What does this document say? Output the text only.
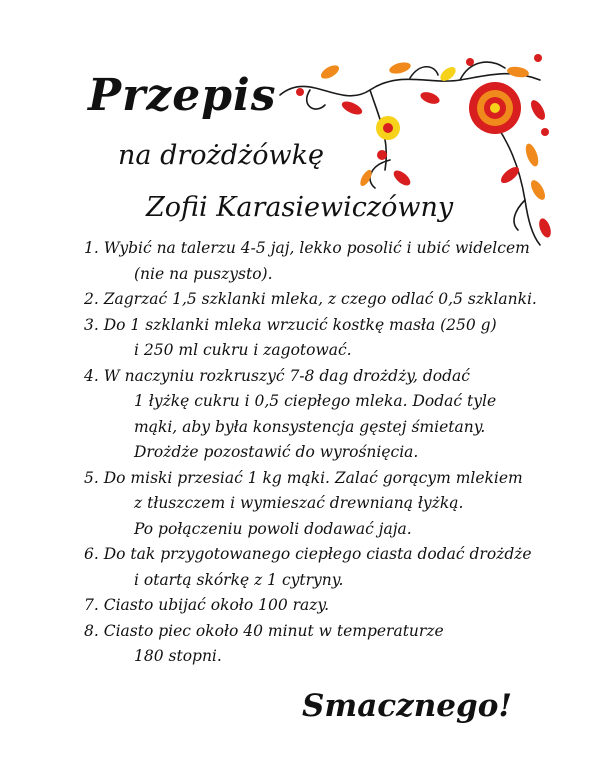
Przepis
na drożdżówkę
Zofii Karasiewiczówny
1. Wybić na talerzu 4-5 jaj, lekko posolić i ubić widelcem
(nie na puszysto).
2. Zagrzać 1,5 szklanki mleka, z czego odlać 0,5 szklanki.
3. Do 1 szklanki mleka wrzucić kostkę masła (250 g)
i 250 ml cukru i zagotować.
4. W naczyniu rozkruszyć 7-8 dag drożdży, dodać
1 łyżkę cukru i 0,5 ciepłego mleka. Dodać tyle
mąki, aby była konsystencja gęstej śmietany.
Drożdże pozostawić do wyrośnięcia.
5. Do miski przesiać 1 kg mąki. Zalać gorącym mlekiem
z tłuszczem i wymieszać drewnianą łyżką.
Po połączeniu powoli dodawać jaja.
6. Do tak przygotowanego ciepłego ciasta dodać drożdże
i otartą skórkę z 1 cytryny.
7. Ciasto ubijać około 100 razy.
8. Ciasto piec około 40 minut w temperaturze
180 stopni.
Smacznego!
